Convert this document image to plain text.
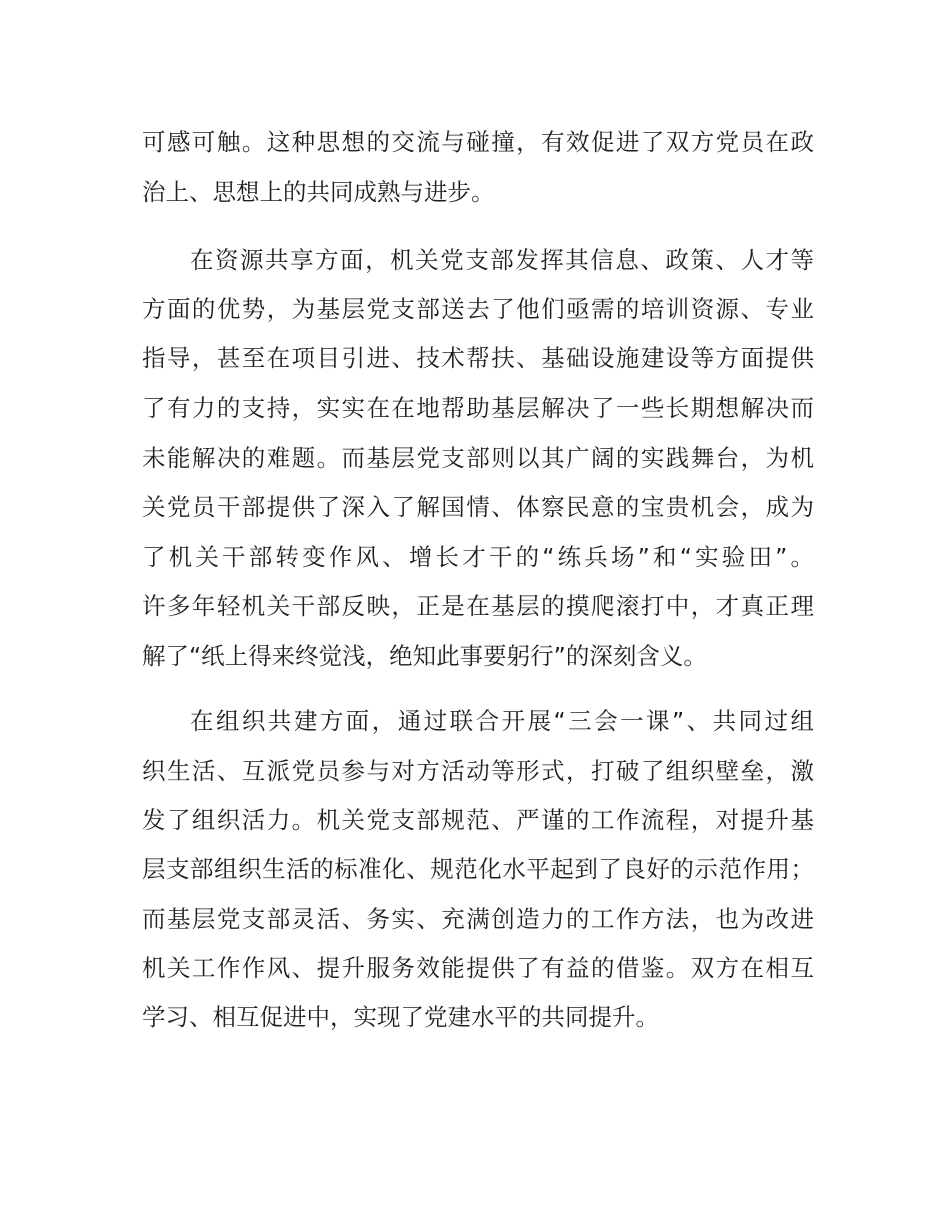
可感可触。这种思想的交流与碰撞，有效促进了双方党员在政
治上、思想上的共同成熟与进步。
在资源共享方面，机关党支部发挥其信息、政策、人才等
方面的优势，为基层党支部送去了他们亟需的培训资源、专业
指导，甚至在项目引进、技术帮扶、基础设施建设等方面提供
了有力的支持，实实在在地帮助基层解决了一些长期想解决而
未能解决的难题。而基层党支部则以其广阔的实践舞台，为机
关党员干部提供了深入了解国情、体察民意的宝贵机会，成为
了机关干部转变作风、增长才干的“练兵场”和“实验田”。
许多年轻机关干部反映，正是在基层的摸爬滚打中，才真正理
解了“纸上得来终觉浅，绝知此事要躬行”的深刻含义。
在组织共建方面，通过联合开展“三会一课”、共同过组
织生活、互派党员参与对方活动等形式，打破了组织壁垒，激
发了组织活力。机关党支部规范、严谨的工作流程，对提升基
层支部组织生活的标准化、规范化水平起到了良好的示范作用；
而基层党支部灵活、务实、充满创造力的工作方法，也为改进
机关工作作风、提升服务效能提供了有益的借鉴。双方在相互
学习、相互促进中，实现了党建水平的共同提升。
